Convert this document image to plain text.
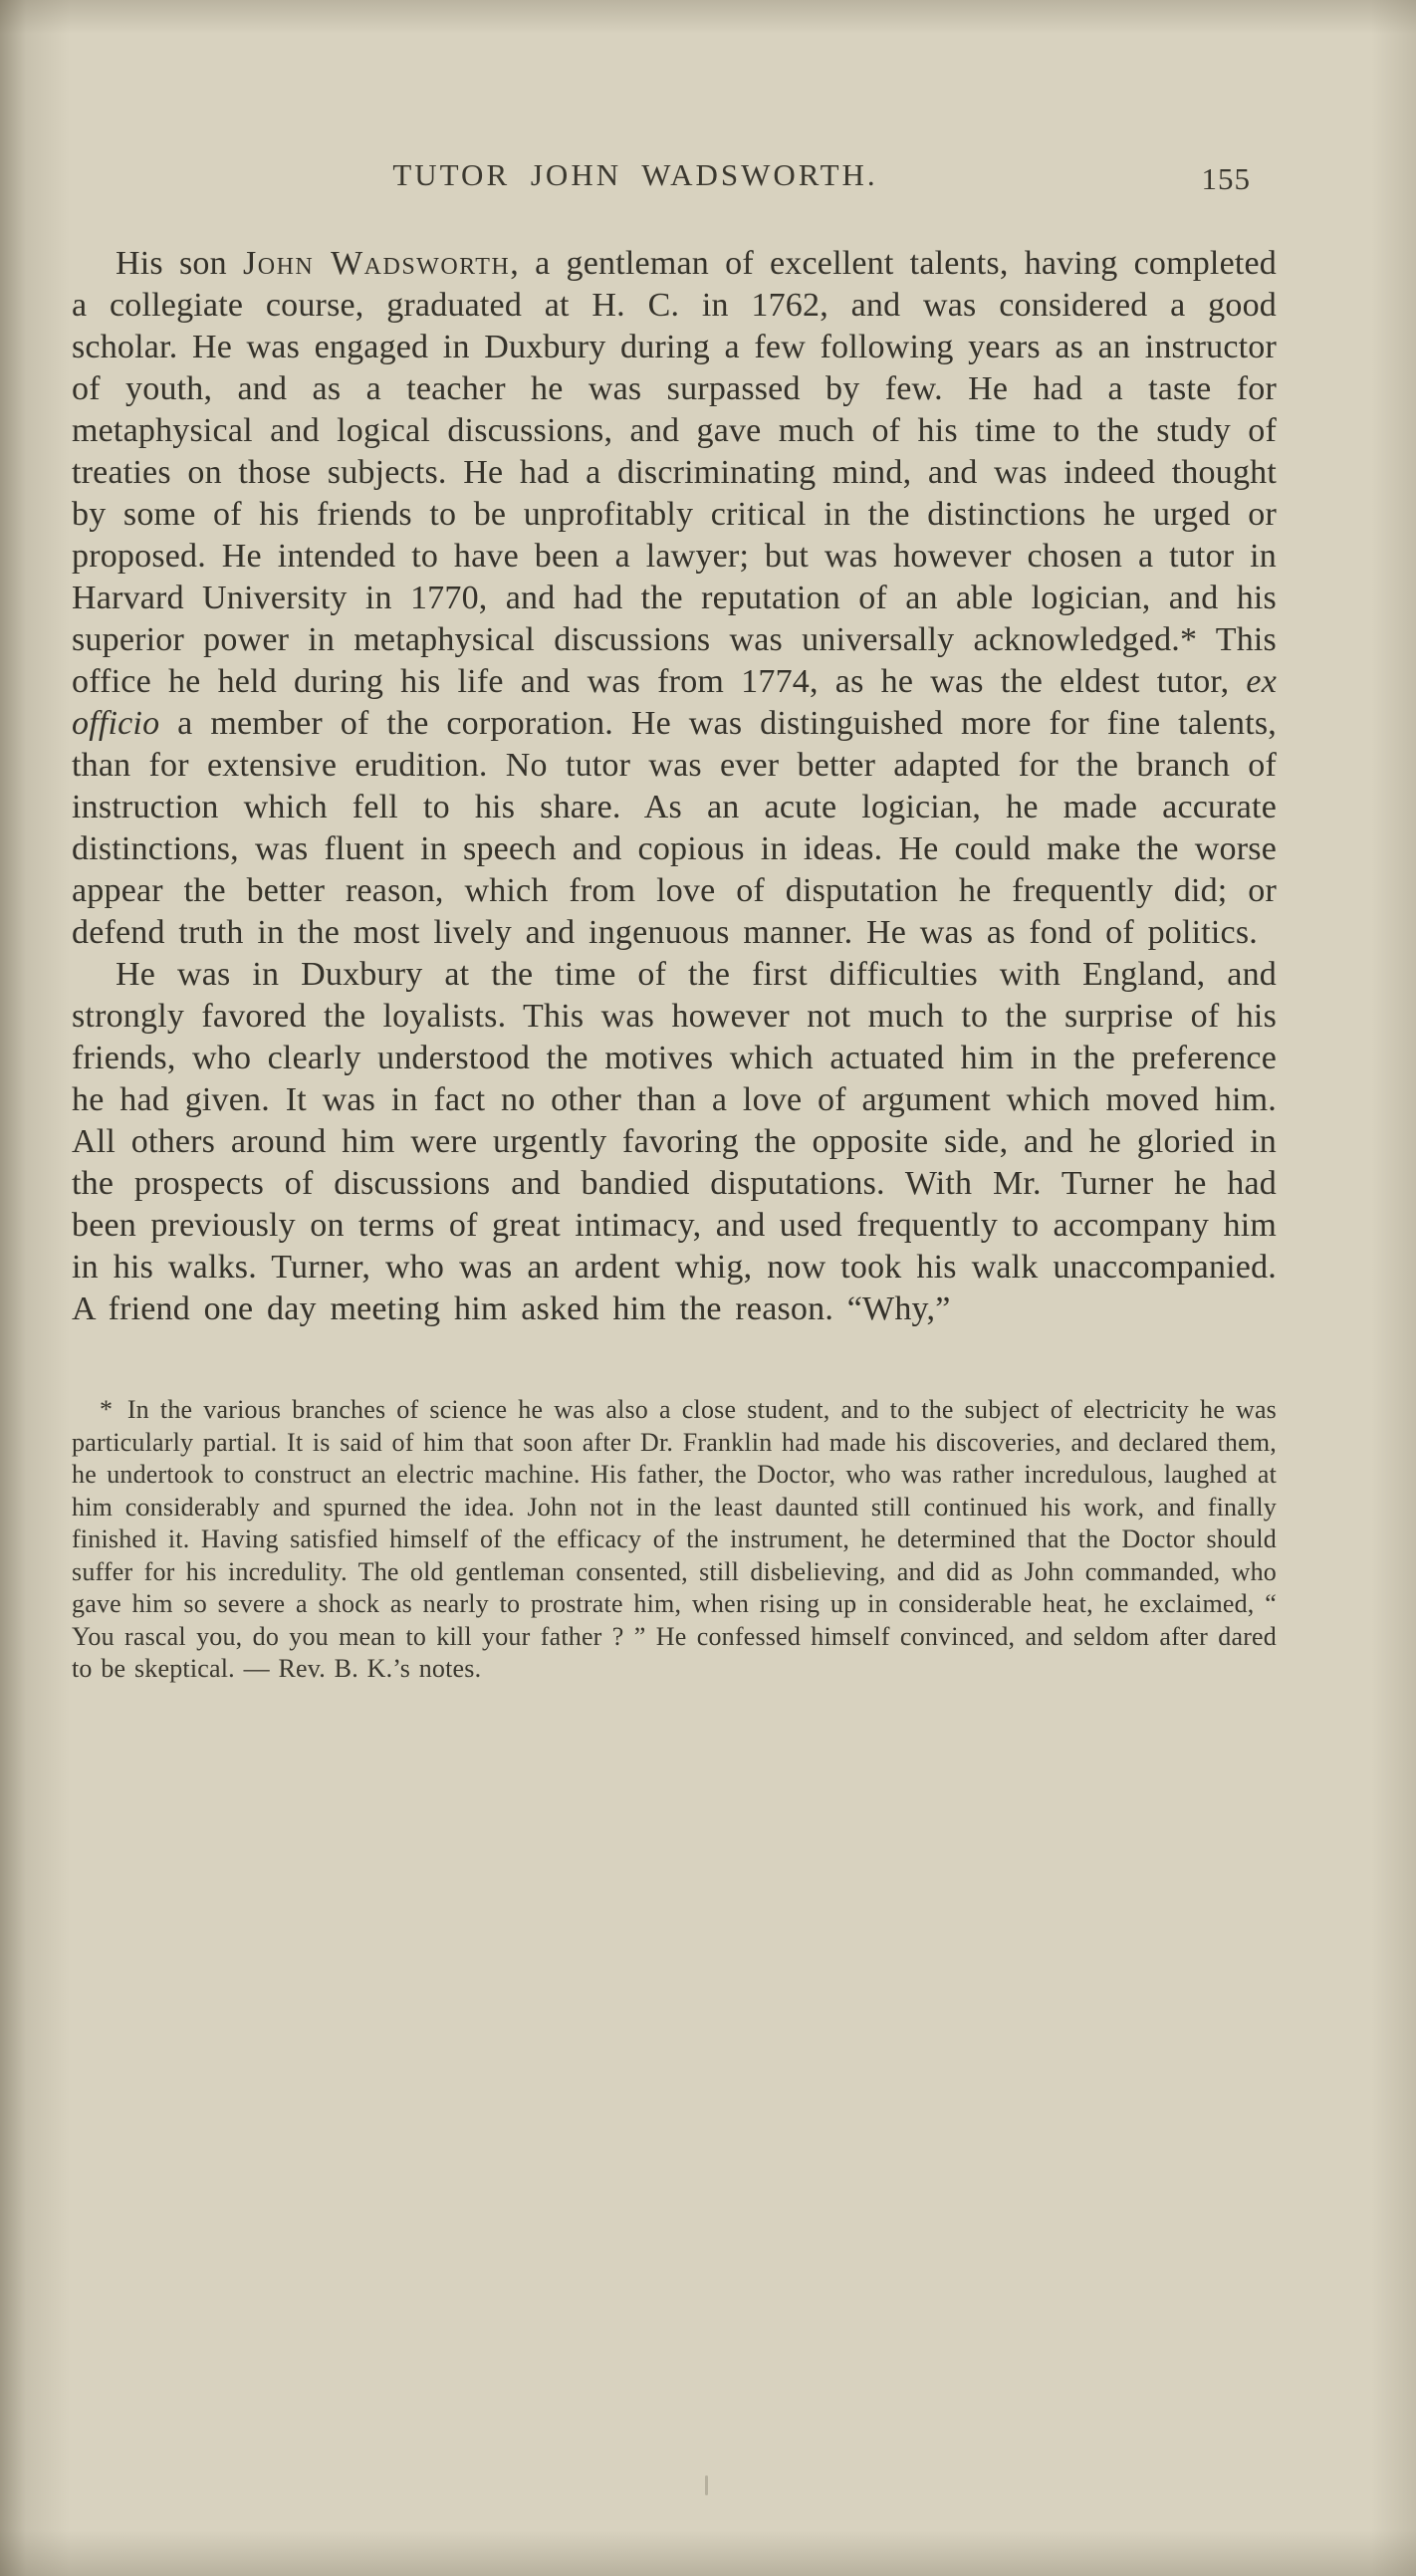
TUTOR JOHN WADSWORTH.	155

His son John Wadsworth, a gentleman of excellent talents, having completed a collegiate course, graduated at H. C. in 1762, and was considered a good scholar. He was engaged in Duxbury during a few following years as an instructor of youth, and as a teacher he was surpassed by few. He had a taste for metaphysical and logical discussions, and gave much of his time to the study of treaties on those subjects. He had a discriminating mind, and was indeed thought by some of his friends to be unprofitably critical in the distinctions he urged or proposed. He intended to have been a lawyer; but was however chosen a tutor in Harvard University in 1770, and had the reputation of an able logician, and his superior power in metaphysical discussions was universally acknowledged.* This office he held during his life and was from 1774, as he was the eldest tutor, ex officio a member of the corporation. He was distinguished more for fine talents, than for extensive erudition. No tutor was ever better adapted for the branch of instruction which fell to his share. As an acute logician, he made accurate distinctions, was fluent in speech and copious in ideas. He could make the worse appear the better reason, which from love of disputation he frequently did; or defend truth in the most lively and ingenuous manner. He was as fond of politics.

He was in Duxbury at the time of the first difficulties with England, and strongly favored the loyalists. This was however not much to the surprise of his friends, who clearly understood the motives which actuated him in the preference he had given. It was in fact no other than a love of argument which moved him. All others around him were urgently favoring the opposite side, and he gloried in the prospects of discussions and bandied disputations. With Mr. Turner he had been previously on terms of great intimacy, and used frequently to accompany him in his walks. Turner, who was an ardent whig, now took his walk unaccompanied. A friend one day meeting him asked him the reason. “Why,”

* In the various branches of science he was also a close student, and to the subject of electricity he was particularly partial. It is said of him that soon after Dr. Franklin had made his discoveries, and declared them, he undertook to construct an electric machine. His father, the Doctor, who was rather incredulous, laughed at him considerably and spurned the idea. John not in the least daunted still continued his work, and finally finished it. Having satisfied himself of the efficacy of the instrument, he determined that the Doctor should suffer for his incredulity. The old gentleman consented, still disbelieving, and did as John commanded, who gave him so severe a shock as nearly to prostrate him, when rising up in considerable heat, he exclaimed, “ You rascal you, do you mean to kill your father ? ” He confessed himself convinced, and seldom after dared to be skeptical. — Rev. B. K.’s notes.
